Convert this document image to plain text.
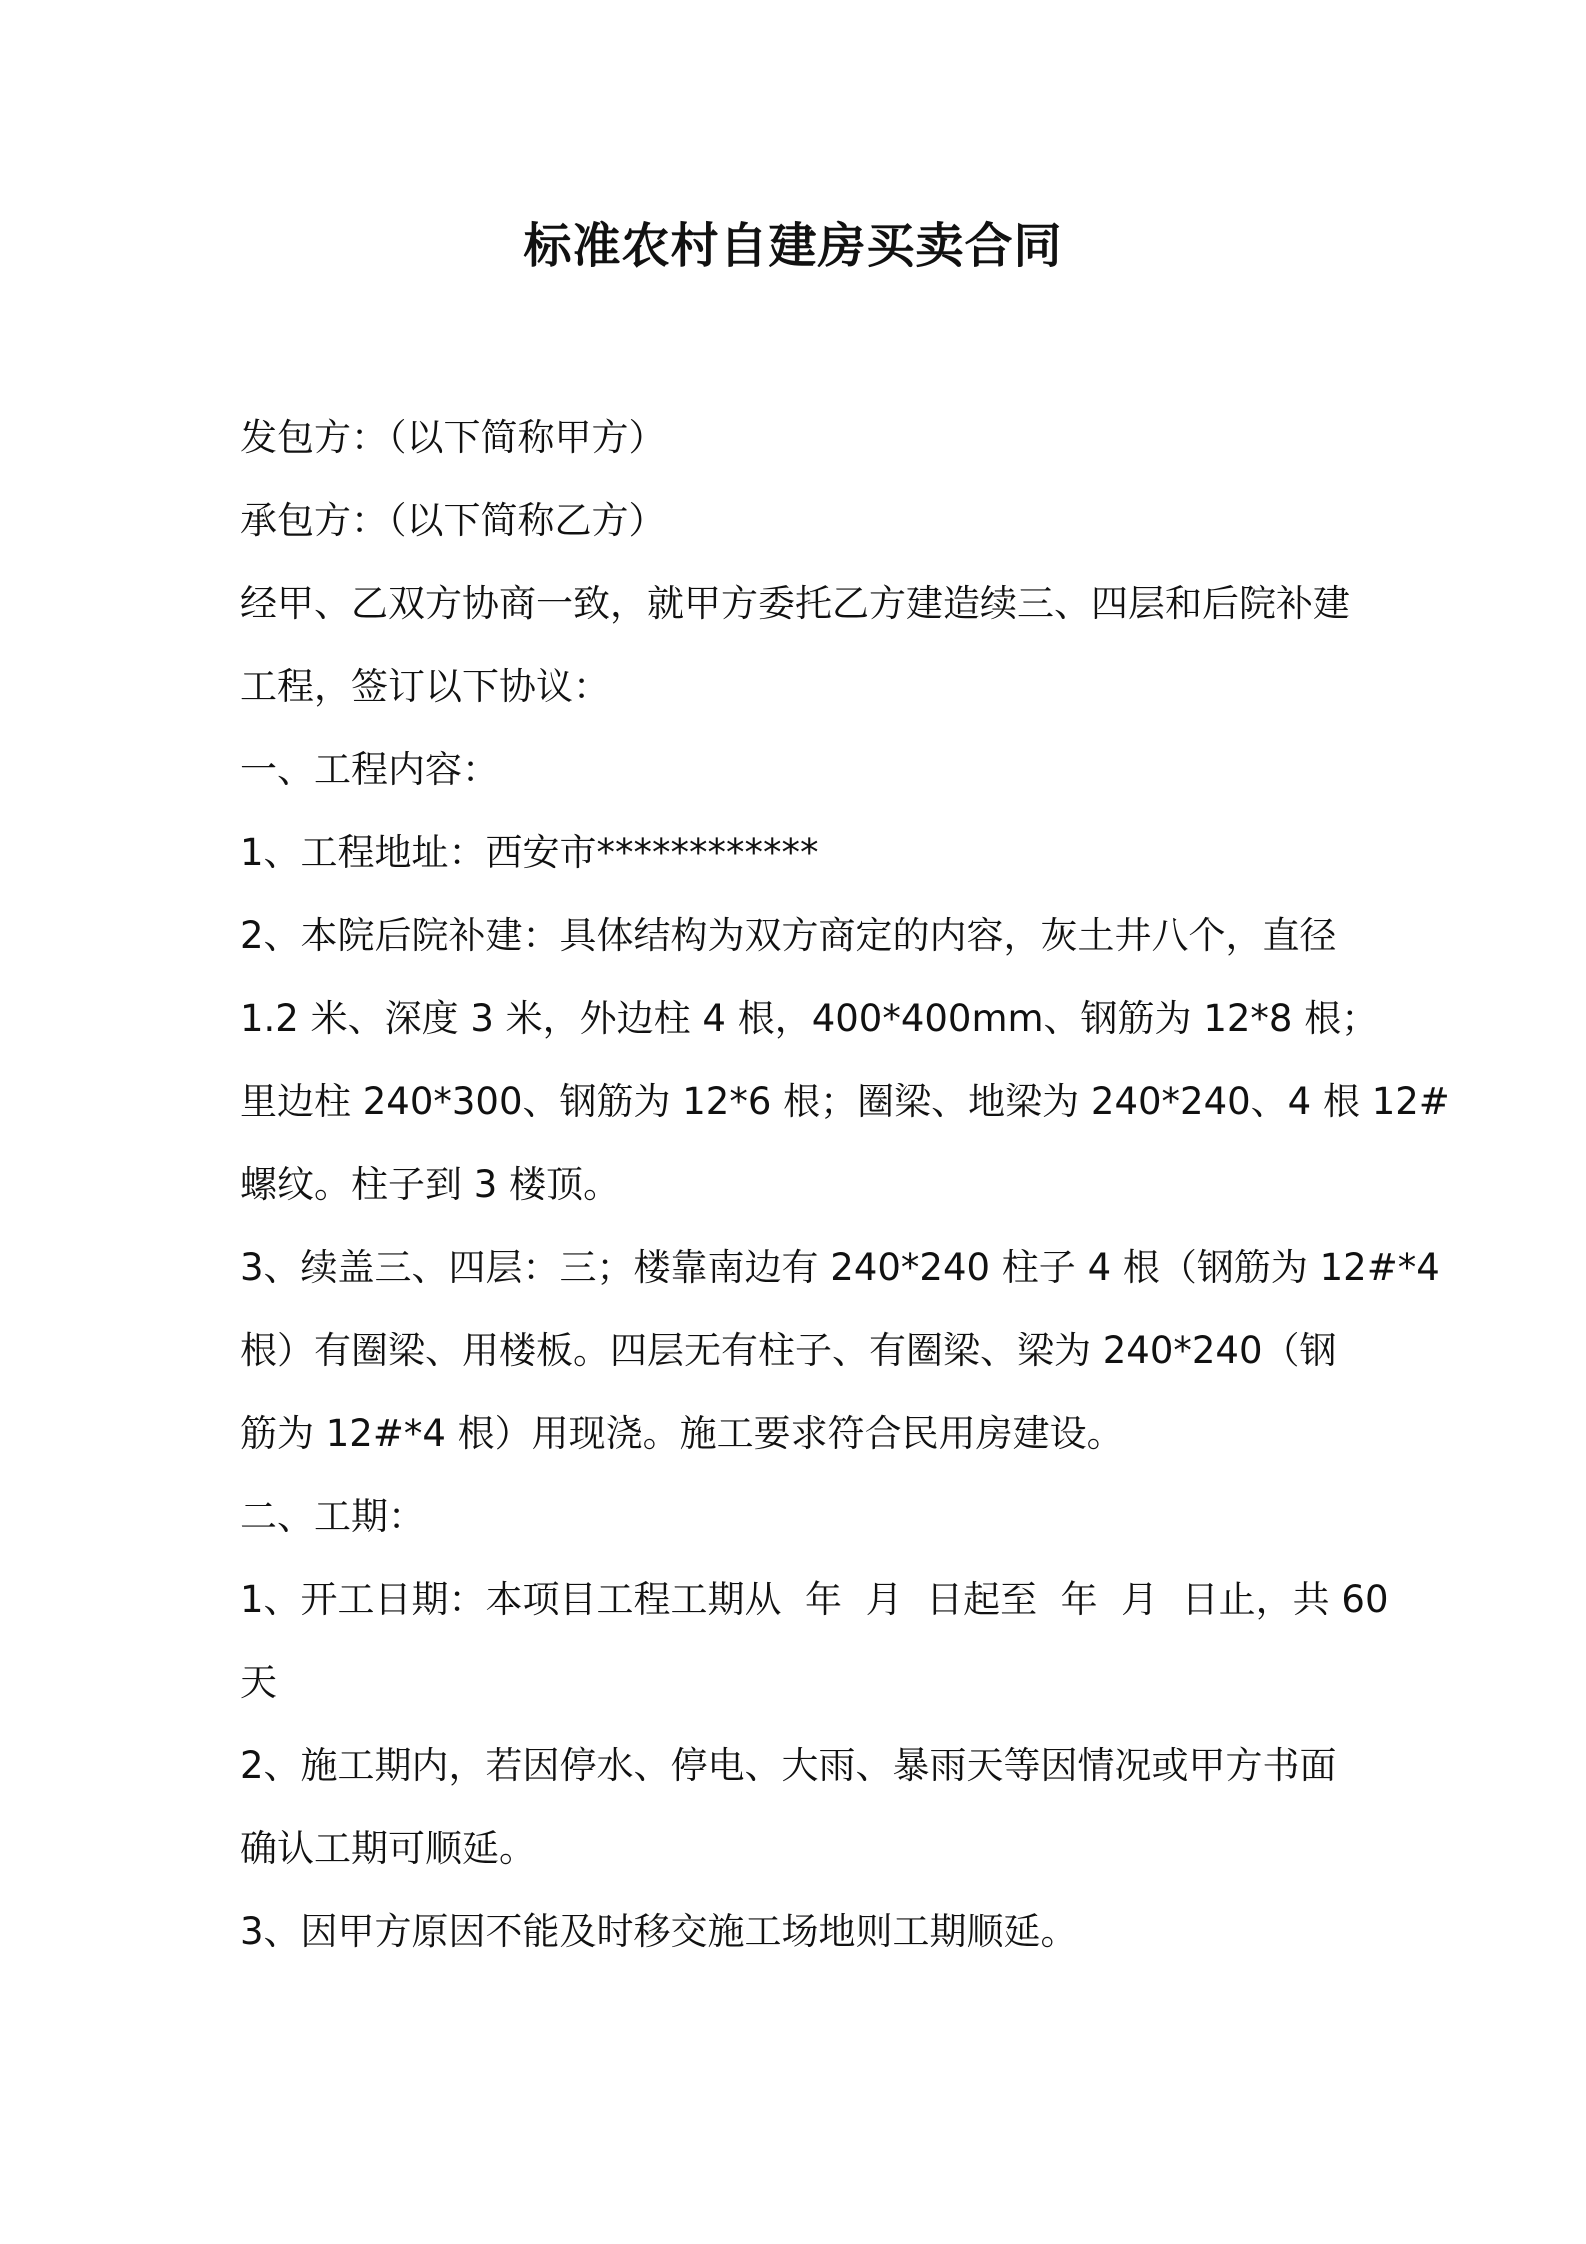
标准农村自建房买卖合同

发包方：（以下简称甲方）

承包方：（以下简称乙方）

经甲、乙双方协商一致，就甲方委托乙方建造续三、四层和后院补建

工程，签订以下协议：

一、工程内容：

1、工程地址：西安市************

2、本院后院补建：具体结构为双方商定的内容，灰土井八个，直径

1.2 米、深度 3 米，外边柱 4 根，400*400mm、钢筋为 12*8 根；

里边柱 240*300、钢筋为 12*6 根；圈梁、地梁为 240*240、4 根 12#

螺纹。柱子到 3 楼顶。

3、续盖三、四层：三；楼靠南边有 240*240 柱子 4 根（钢筋为 12#*4

根）有圈梁、用楼板。四层无有柱子、有圈梁、梁为 240*240（钢

筋为 12#*4 根）用现浇。施工要求符合民用房建设。

二、工期：

1、开工日期：本项目工程工期从  年  月  日起至  年  月  日止，共 60

天

2、施工期内，若因停水、停电、大雨、暴雨天等因情况或甲方书面

确认工期可顺延。

3、因甲方原因不能及时移交施工场地则工期顺延。
